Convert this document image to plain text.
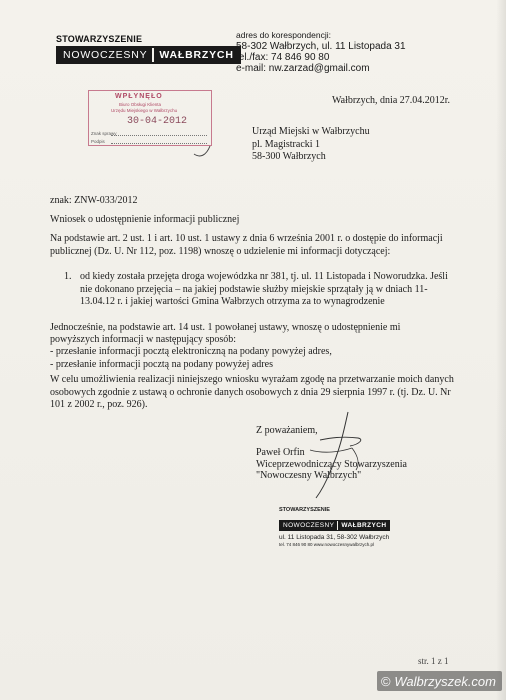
STOWARZYSZENIE
NOWOCZESNY	WAŁBRZYCH
adres do korespondencji:
58-302 Wałbrzych, ul. 11 Listopada 31
tel./fax: 74 846 90 80
e-mail: nw.zarzad@gmail.com
Wałbrzych, dnia 27.04.2012r.
WPŁYNĘŁO
Biuro Obsługi Klienta
Urzędu Miejskiego w Wałbrzychu
30-04-2012
Znak sprawy
Podpis
Urząd Miejski w Wałbrzychu
pl. Magistracki 1
58-300 Wałbrzych
znak: ZNW-033/2012
Wniosek o udostępnienie informacji publicznej
Na podstawie art. 2 ust. 1 i art. 10 ust. 1 ustawy z dnia 6 września 2001 r. o dostępie do informacji publicznej (Dz. U. Nr 112, poz. 1198) wnoszę o udzielenie mi informacji dotyczącej:
1. od kiedy została przejęta droga wojewódzka nr 381, tj. ul. 11 Listopada i Noworudzka. Jeśli nie dokonano przejęcia – na jakiej podstawie służby miejskie sprzątały ją w dniach 11-13.04.12 r. i jakiej wartości Gmina Wałbrzych otrzyma za to wynagrodzenie
Jednocześnie, na podstawie art. 14 ust. 1 powołanej ustawy, wnoszę o udostępnienie mi
powyższych informacji w następujący sposób:
- przesłanie informacji pocztą elektroniczną na podany powyżej adres,
- przesłanie informacji pocztą na podany powyżej adres
W celu umożliwienia realizacji niniejszego wniosku wyrażam zgodę na przetwarzanie moich danych osobowych zgodnie z ustawą o ochronie danych osobowych z dnia 29 sierpnia 1997 r. (tj. Dz. U. Nr 101 z 2002 r., poz. 926).
Z poważaniem,
Paweł Orfin
Wiceprzewodniczący Stowarzyszenia
"Nowoczesny Wałbrzych"
STOWARZYSZENIE
NOWOCZESNY	WAŁBRZYCH
ul. 11 Listopada 31, 58-302 Wałbrzych
tel. 74 846 90 80 www.nowoczesnywalbrzych.pl
str. 1 z 1
© Walbrzyszek.com
